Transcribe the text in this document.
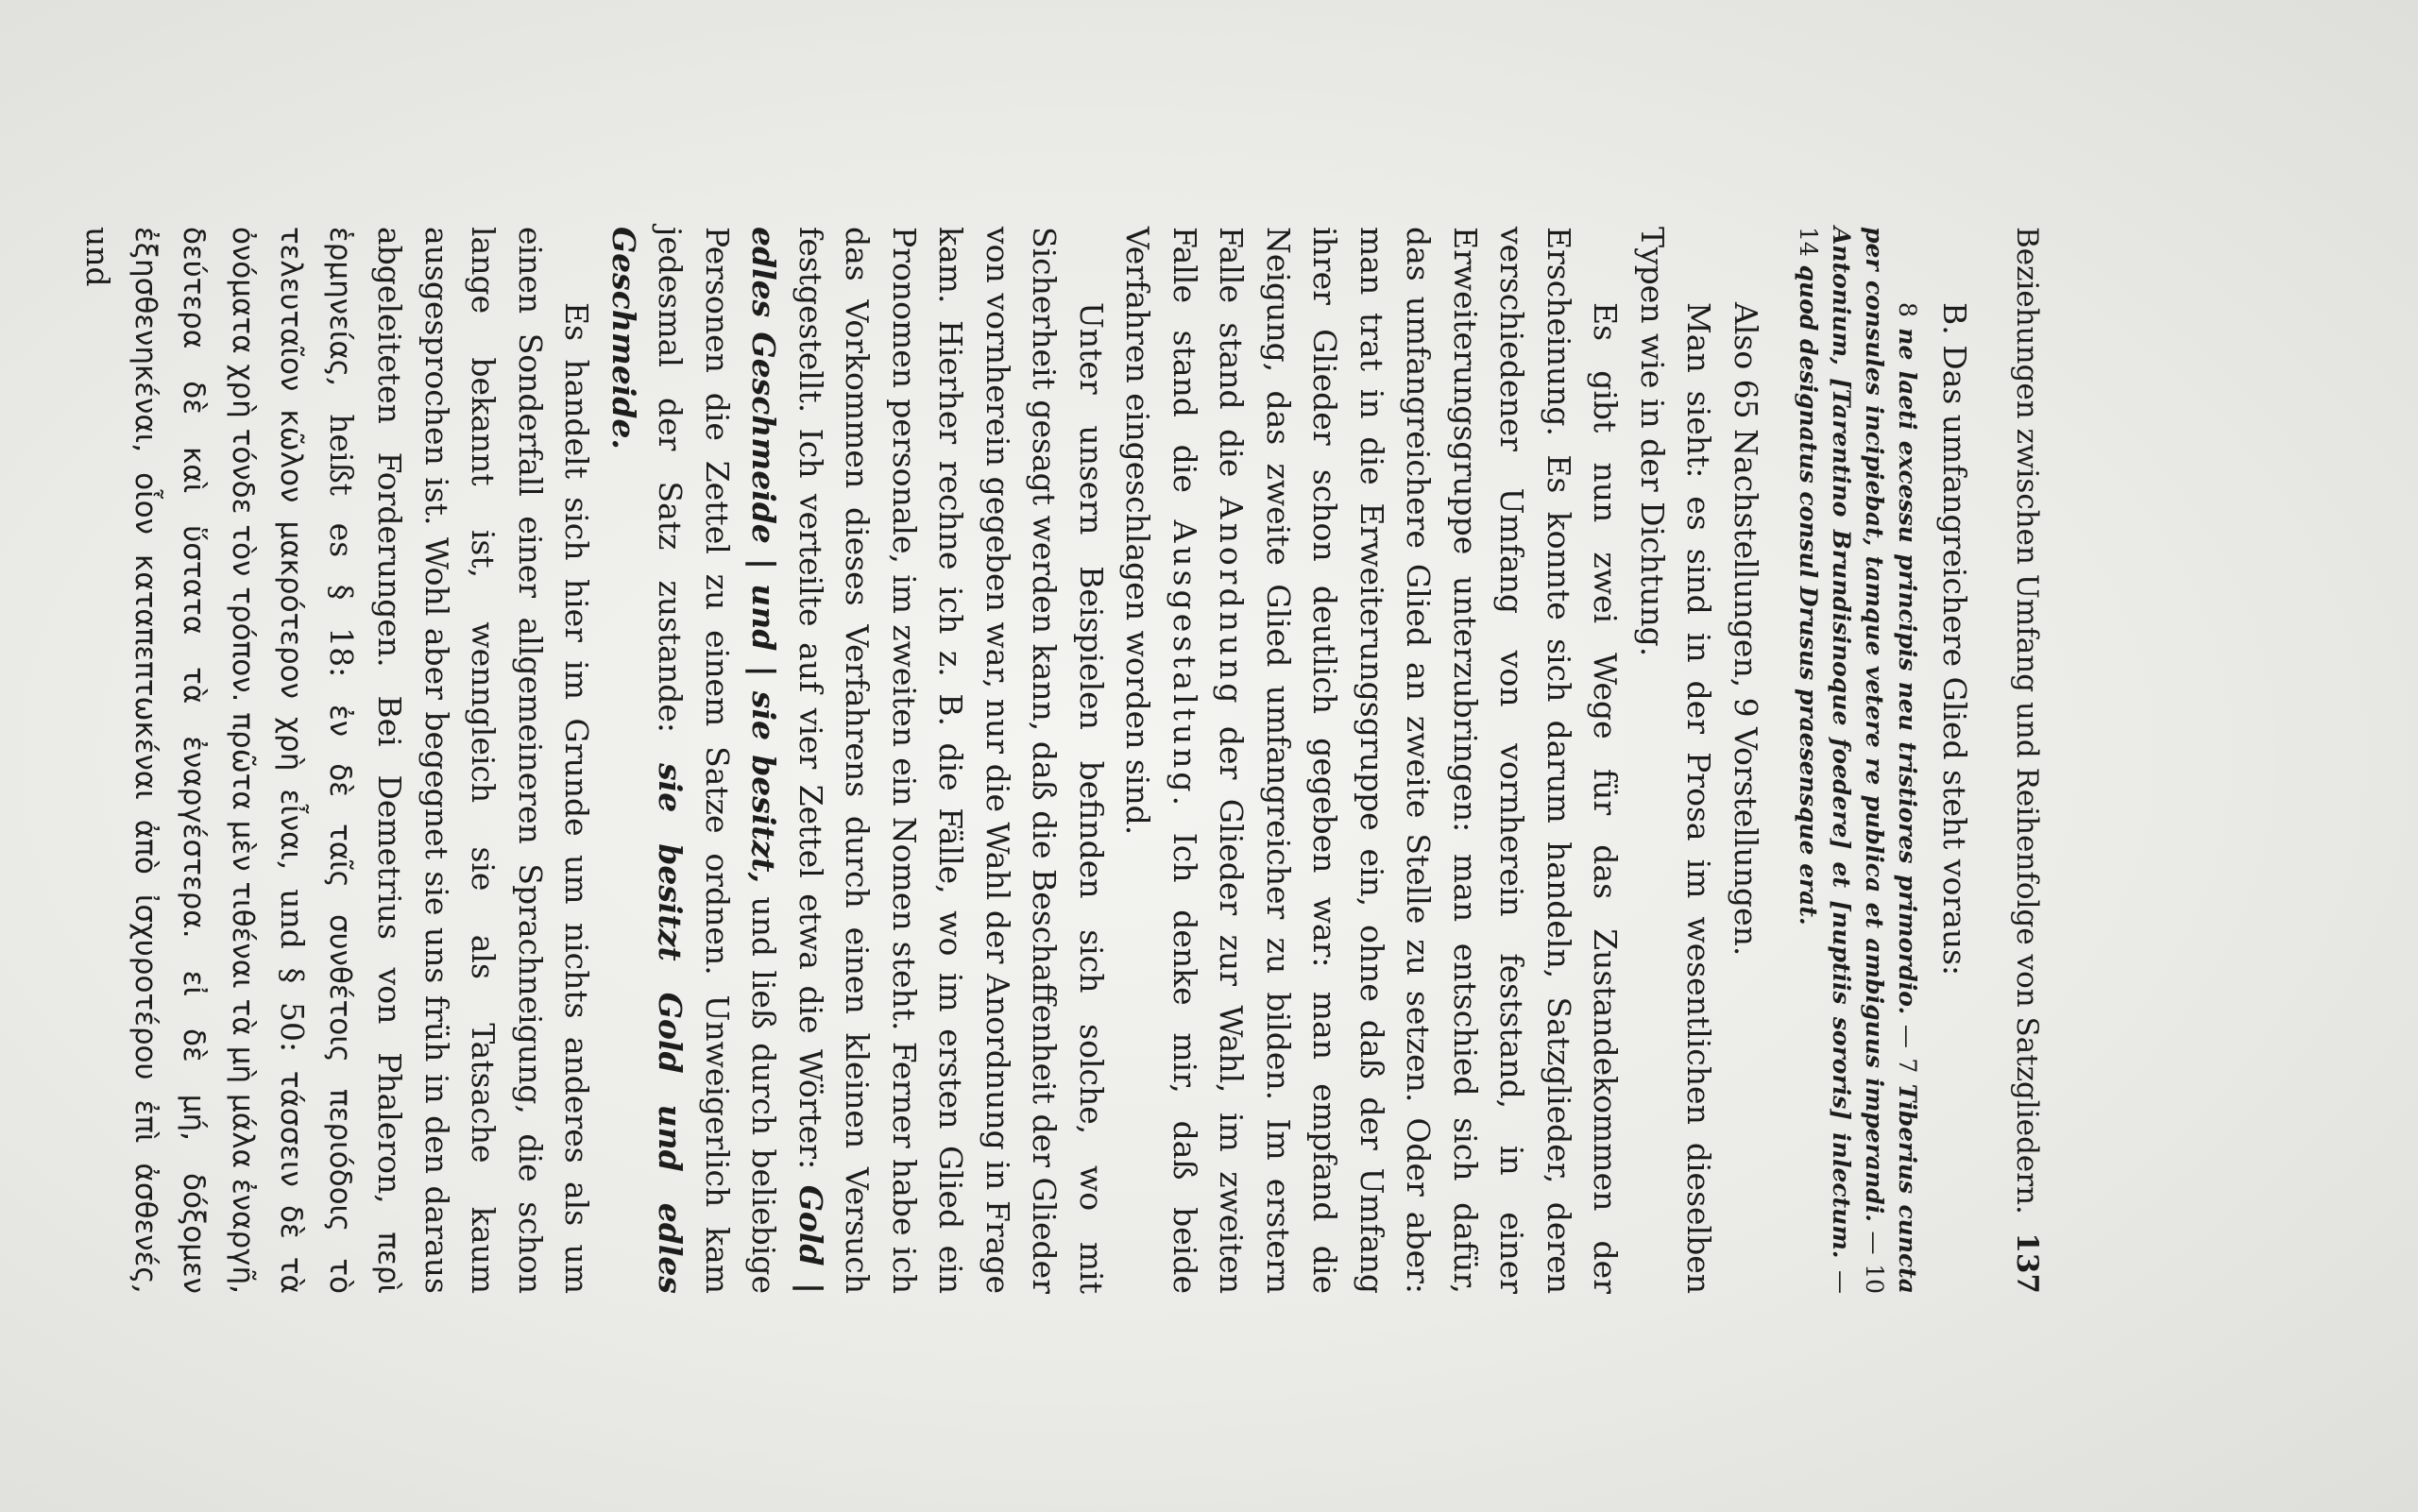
Beziehungen zwischen Umfang und Reihenfolge von Satzgliedern.
137

B. Das umfangreichere Glied steht voraus:

8 ne laeti excessu principis neu tristiores primordio. — 7 Tiberius cuncta per consules incipiebat, tamque vetere re publica et ambiguus imperandi. — 10 Antonium, [Tarentino Brundisinoque foedere] et [nuptiis sororis] inlectum. — 14 quod designatus consul Drusus praesensque erat.

Also 65 Nachstellungen, 9 Vorstellungen.

Man sieht: es sind in der Prosa im wesentlichen dieselben Typen wie in der Dichtung.

Es gibt nun zwei Wege für das Zustandekommen der Erscheinung. Es konnte sich darum handeln, Satzglieder, deren verschiedener Umfang von vornherein feststand, in einer Erweiterungsgruppe unterzubringen: man entschied sich dafür, das umfangreichere Glied an zweite Stelle zu setzen. Oder aber: man trat in die Erweiterungsgruppe ein, ohne daß der Umfang ihrer Glieder schon deutlich gegeben war: man empfand die Neigung, das zweite Glied umfangreicher zu bilden. Im erstern Falle stand die Anordnung der Glieder zur Wahl, im zweiten Falle stand die Ausgestaltung. Ich denke mir, daß beide Verfahren eingeschlagen worden sind.

Unter unsern Beispielen befinden sich solche, wo mit Sicherheit gesagt werden kann, daß die Beschaffenheit der Glieder von vornherein gegeben war, nur die Wahl der Anordnung in Frage kam. Hierher rechne ich z. B. die Fälle, wo im ersten Glied ein Pronomen personale, im zweiten ein Nomen steht. Ferner habe ich das Vorkommen dieses Verfahrens durch einen kleinen Versuch festgestellt. Ich verteilte auf vier Zettel etwa die Wörter: Gold | edles Geschmeide | und | sie besitzt, und ließ durch beliebige Personen die Zettel zu einem Satze ordnen. Unweigerlich kam jedesmal der Satz zustande: sie besitzt Gold und edles Geschmeide.

Es handelt sich hier im Grunde um nichts anderes als um einen Sonderfall einer allgemeineren Sprachneigung, die schon lange bekannt ist, wenngleich sie als Tatsache kaum ausgesprochen ist. Wohl aber begegnet sie uns früh in den daraus abgeleiteten Forderungen. Bei Demetrius von Phaleron, περὶ ἑρμηνείας, heißt es § 18: ἐν δὲ ταῖς συνθέτοις περιόδοις τὸ τελευταῖον κῶλον μακρότερον χρὴ εἶναι, und § 50: τάσσειν δὲ τὰ ὀνόματα χρὴ τόνδε τὸν τρόπον. πρῶτα μὲν τιθέναι τὰ μὴ μάλα ἐναργῆ, δεύτερα δὲ καὶ ὕστατα τὰ ἐναργέστερα. εἰ δὲ μή, δόξομεν ἐξησθενηκέναι, οἷον καταπεπτωκέναι ἀπὸ ἰσχυροτέρου ἐπὶ ἀσθενές, und
